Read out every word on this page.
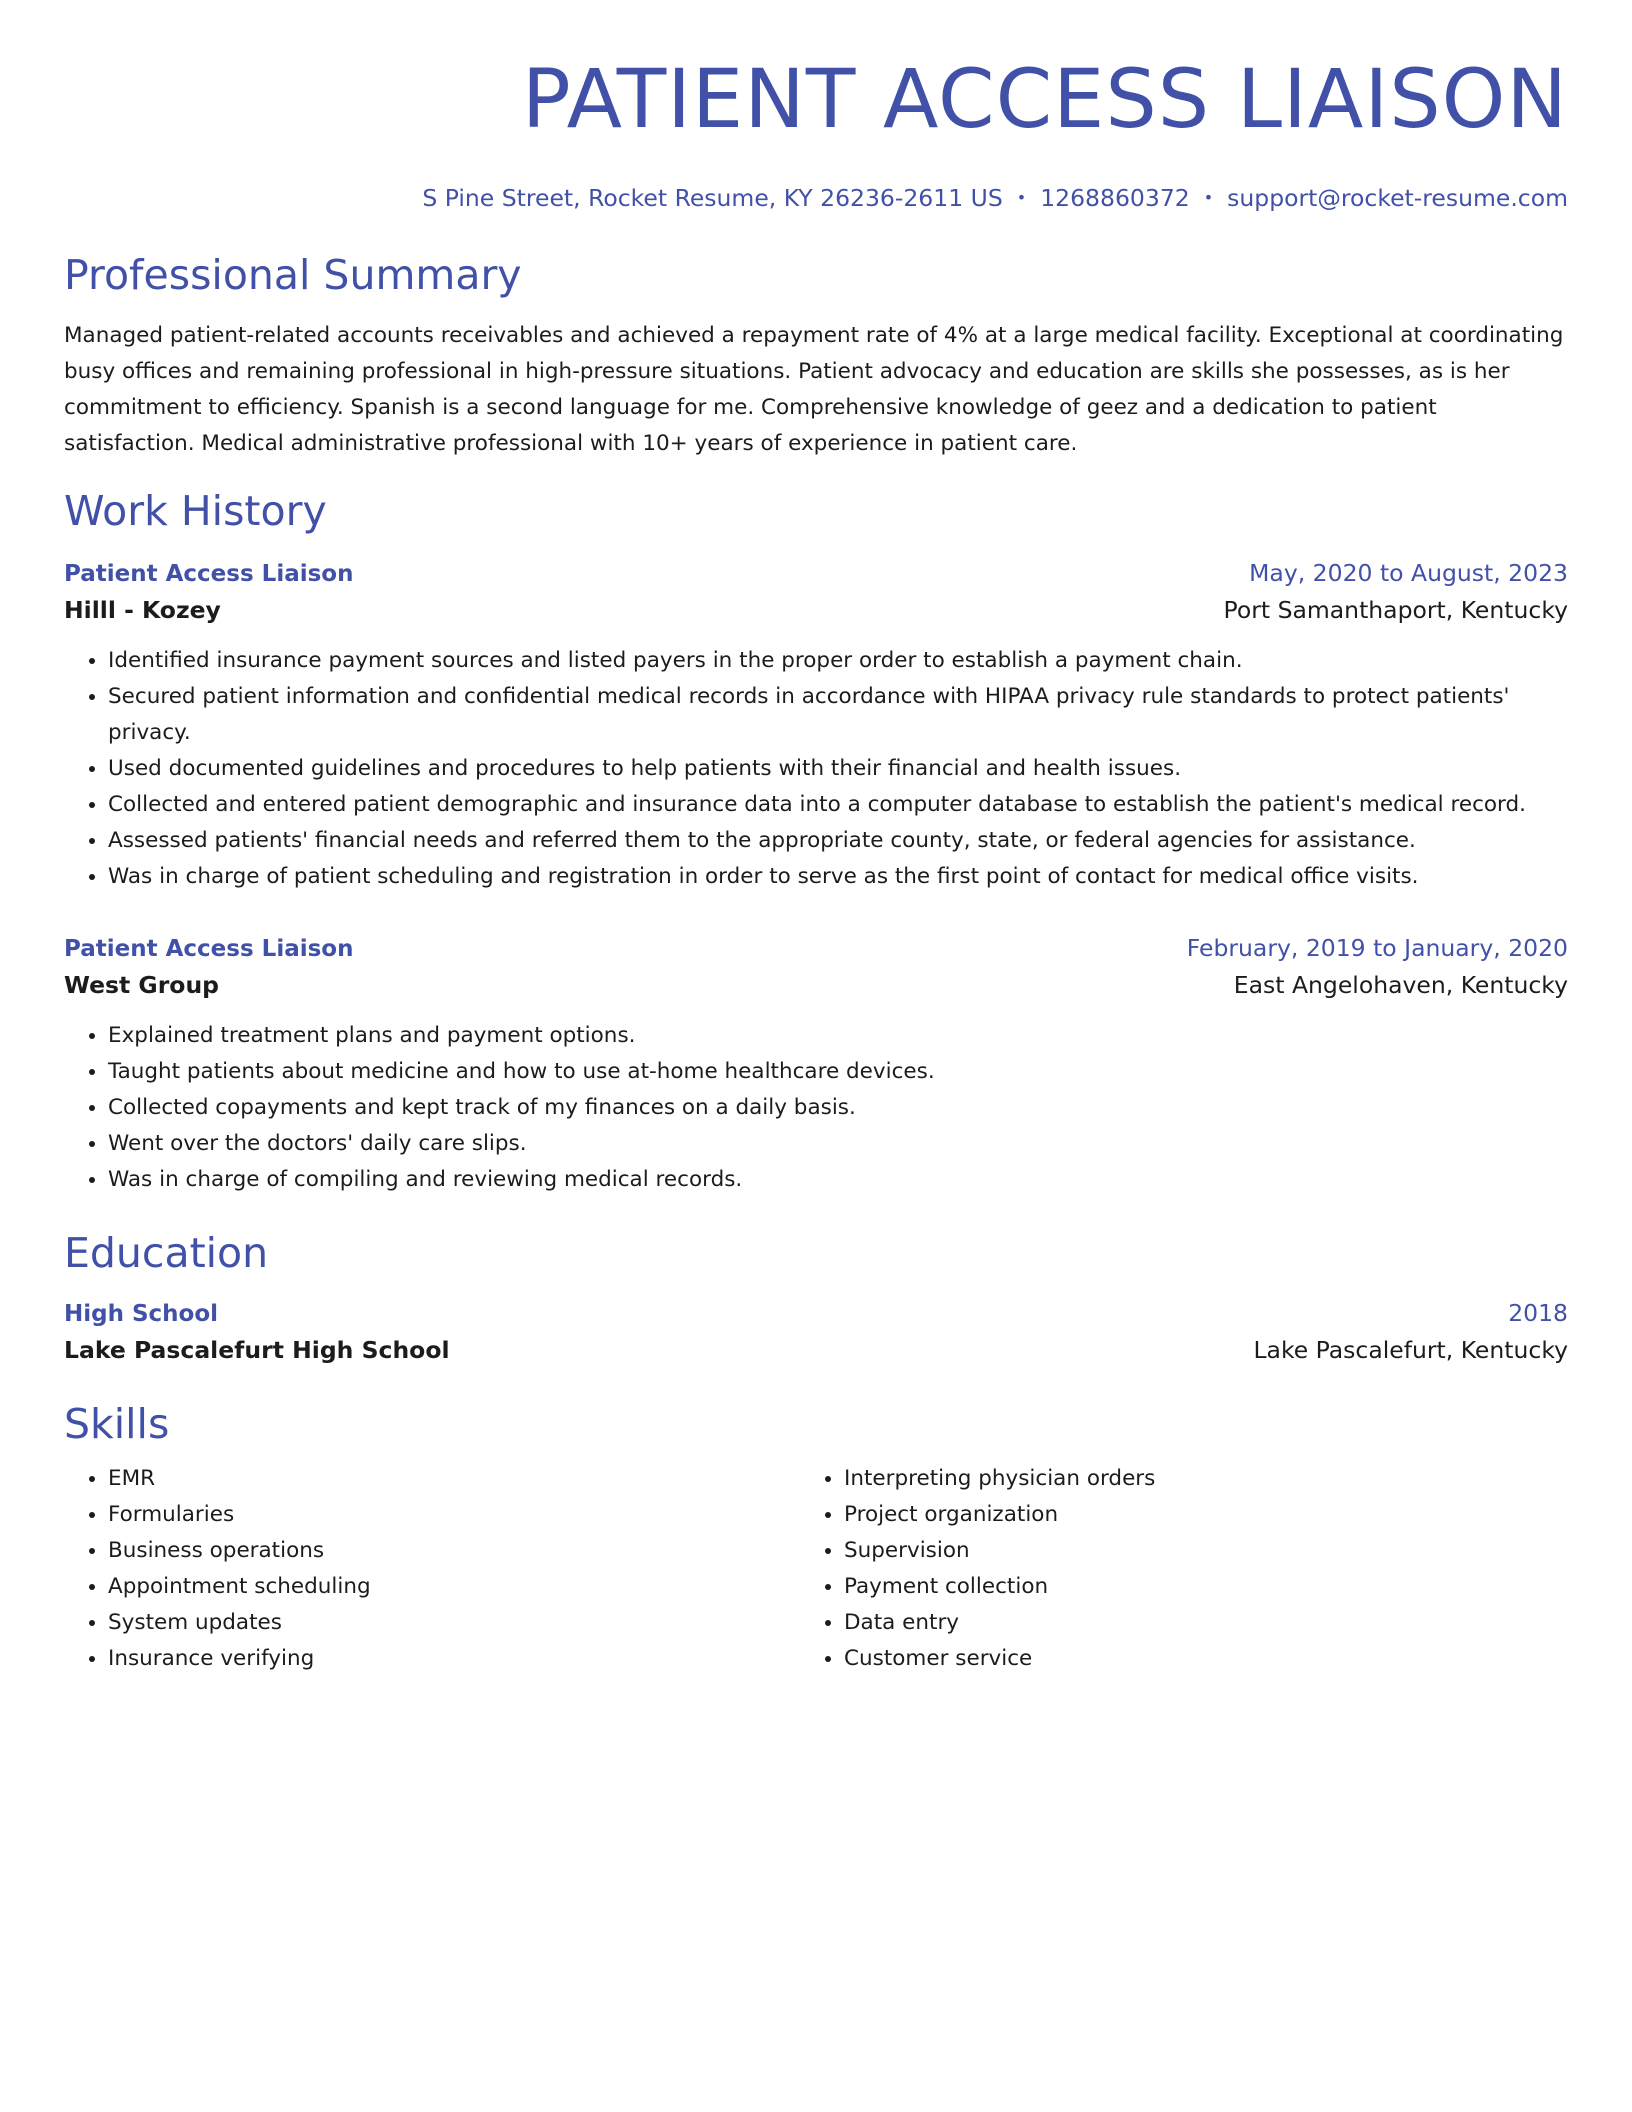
PATIENT ACCESS LIAISON
S Pine Street, Rocket Resume, KY 26236-2611 US • 1268860372 • support@rocket-resume.com
Professional Summary
Managed patient-related accounts receivables and achieved a repayment rate of 4% at a large medical facility. Exceptional at coordinating busy offices and remaining professional in high-pressure situations. Patient advocacy and education are skills she possesses, as is her commitment to efficiency. Spanish is a second language for me. Comprehensive knowledge of geez and a dedication to patient satisfaction. Medical administrative professional with 10+ years of experience in patient care.
Work History
Patient Access Liaison	May, 2020 to August, 2023
Hilll - Kozey	Port Samanthaport, Kentucky
• Identified insurance payment sources and listed payers in the proper order to establish a payment chain.
• Secured patient information and confidential medical records in accordance with HIPAA privacy rule standards to protect patients' privacy.
• Used documented guidelines and procedures to help patients with their financial and health issues.
• Collected and entered patient demographic and insurance data into a computer database to establish the patient's medical record.
• Assessed patients' financial needs and referred them to the appropriate county, state, or federal agencies for assistance.
• Was in charge of patient scheduling and registration in order to serve as the first point of contact for medical office visits.
Patient Access Liaison	February, 2019 to January, 2020
West Group	East Angelohaven, Kentucky
• Explained treatment plans and payment options.
• Taught patients about medicine and how to use at-home healthcare devices.
• Collected copayments and kept track of my finances on a daily basis.
• Went over the doctors' daily care slips.
• Was in charge of compiling and reviewing medical records.
Education
High School	2018
Lake Pascalefurt High School	Lake Pascalefurt, Kentucky
Skills
• EMR
• Formularies
• Business operations
• Appointment scheduling
• System updates
• Insurance verifying
• Interpreting physician orders
• Project organization
• Supervision
• Payment collection
• Data entry
• Customer service
